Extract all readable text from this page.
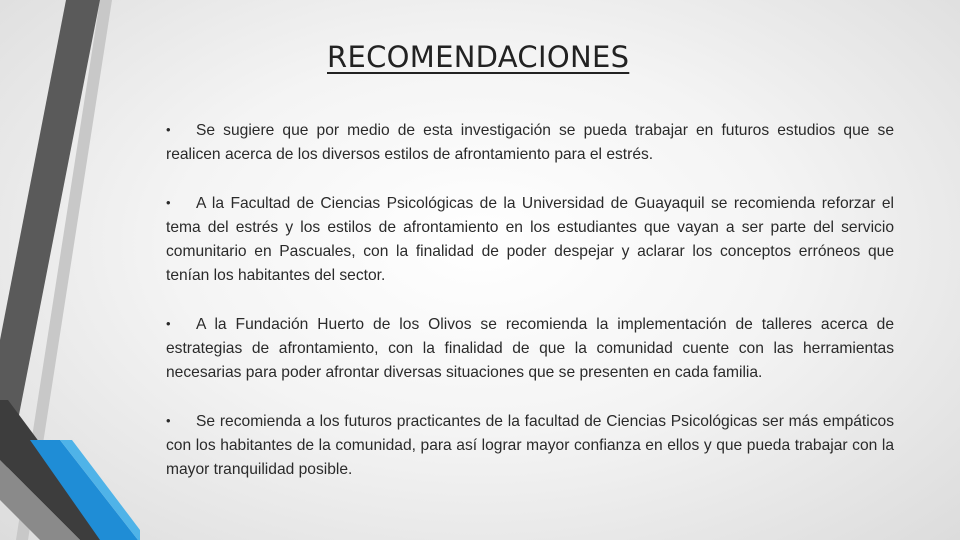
RECOMENDACIONES

• Se sugiere que por medio de esta investigación se pueda trabajar en futuros estudios que se realicen acerca de los diversos estilos de afrontamiento para el estrés.

• A la Facultad de Ciencias Psicológicas de la Universidad de Guayaquil se recomienda reforzar el tema del estrés y los estilos de afrontamiento en los estudiantes que vayan a ser parte del servicio comunitario en Pascuales, con la finalidad de poder despejar y aclarar los conceptos erróneos que tenían los habitantes del sector.

• A la Fundación Huerto de los Olivos se recomienda la implementación de talleres acerca de estrategias de afrontamiento, con la finalidad de que la comunidad cuente con las herramientas necesarias para poder afrontar diversas situaciones que se presenten en cada familia.

• Se recomienda a los futuros practicantes de la facultad de Ciencias Psicológicas ser más empáticos con los habitantes de la comunidad, para así lograr mayor confianza en ellos y que pueda trabajar con la mayor tranquilidad posible.
